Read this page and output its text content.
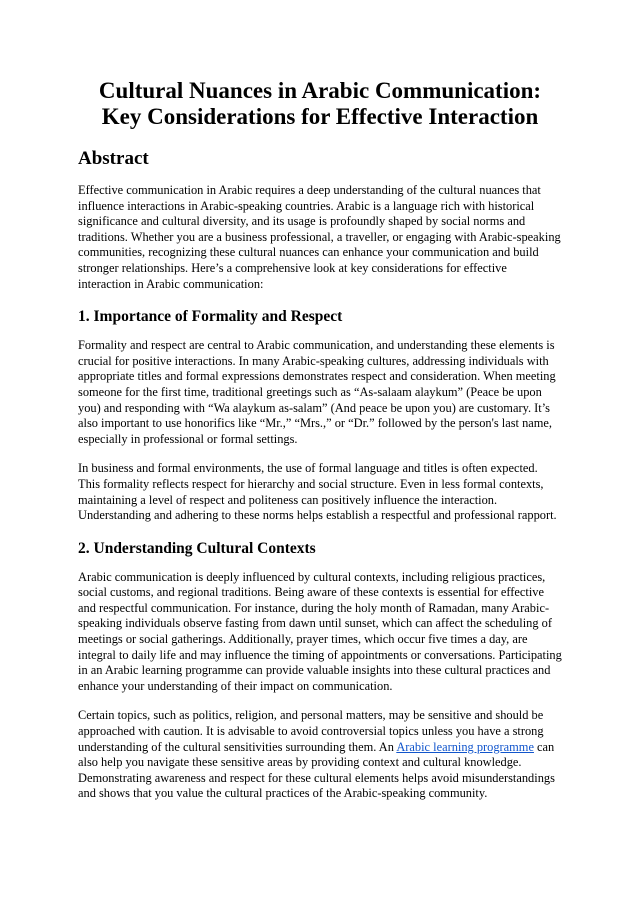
Cultural Nuances in Arabic Communication: Key Considerations for Effective Interaction
Abstract

Effective communication in Arabic requires a deep understanding of the cultural nuances that influence interactions in Arabic-speaking countries. Arabic is a language rich with historical significance and cultural diversity, and its usage is profoundly shaped by social norms and traditions. Whether you are a business professional, a traveller, or engaging with Arabic-speaking communities, recognizing these cultural nuances can enhance your communication and build stronger relationships. Here’s a comprehensive look at key considerations for effective interaction in Arabic communication:

1. Importance of Formality and Respect

Formality and respect are central to Arabic communication, and understanding these elements is crucial for positive interactions. In many Arabic-speaking cultures, addressing individuals with appropriate titles and formal expressions demonstrates respect and consideration. When meeting someone for the first time, traditional greetings such as “As-salaam alaykum” (Peace be upon you) and responding with “Wa alaykum as-salam” (And peace be upon you) are customary. It’s also important to use honorifics like “Mr.,” “Mrs.,” or “Dr.” followed by the person's last name, especially in professional or formal settings.

In business and formal environments, the use of formal language and titles is often expected. This formality reflects respect for hierarchy and social structure. Even in less formal contexts, maintaining a level of respect and politeness can positively influence the interaction. Understanding and adhering to these norms helps establish a respectful and professional rapport.

2. Understanding Cultural Contexts

Arabic communication is deeply influenced by cultural contexts, including religious practices, social customs, and regional traditions. Being aware of these contexts is essential for effective and respectful communication. For instance, during the holy month of Ramadan, many Arabic-speaking individuals observe fasting from dawn until sunset, which can affect the scheduling of meetings or social gatherings. Additionally, prayer times, which occur five times a day, are integral to daily life and may influence the timing of appointments or conversations. Participating in an Arabic learning programme can provide valuable insights into these cultural practices and enhance your understanding of their impact on communication.

Certain topics, such as politics, religion, and personal matters, may be sensitive and should be approached with caution. It is advisable to avoid controversial topics unless you have a strong understanding of the cultural sensitivities surrounding them. An Arabic learning programme can also help you navigate these sensitive areas by providing context and cultural knowledge. Demonstrating awareness and respect for these cultural elements helps avoid misunderstandings and shows that you value the cultural practices of the Arabic-speaking community.
